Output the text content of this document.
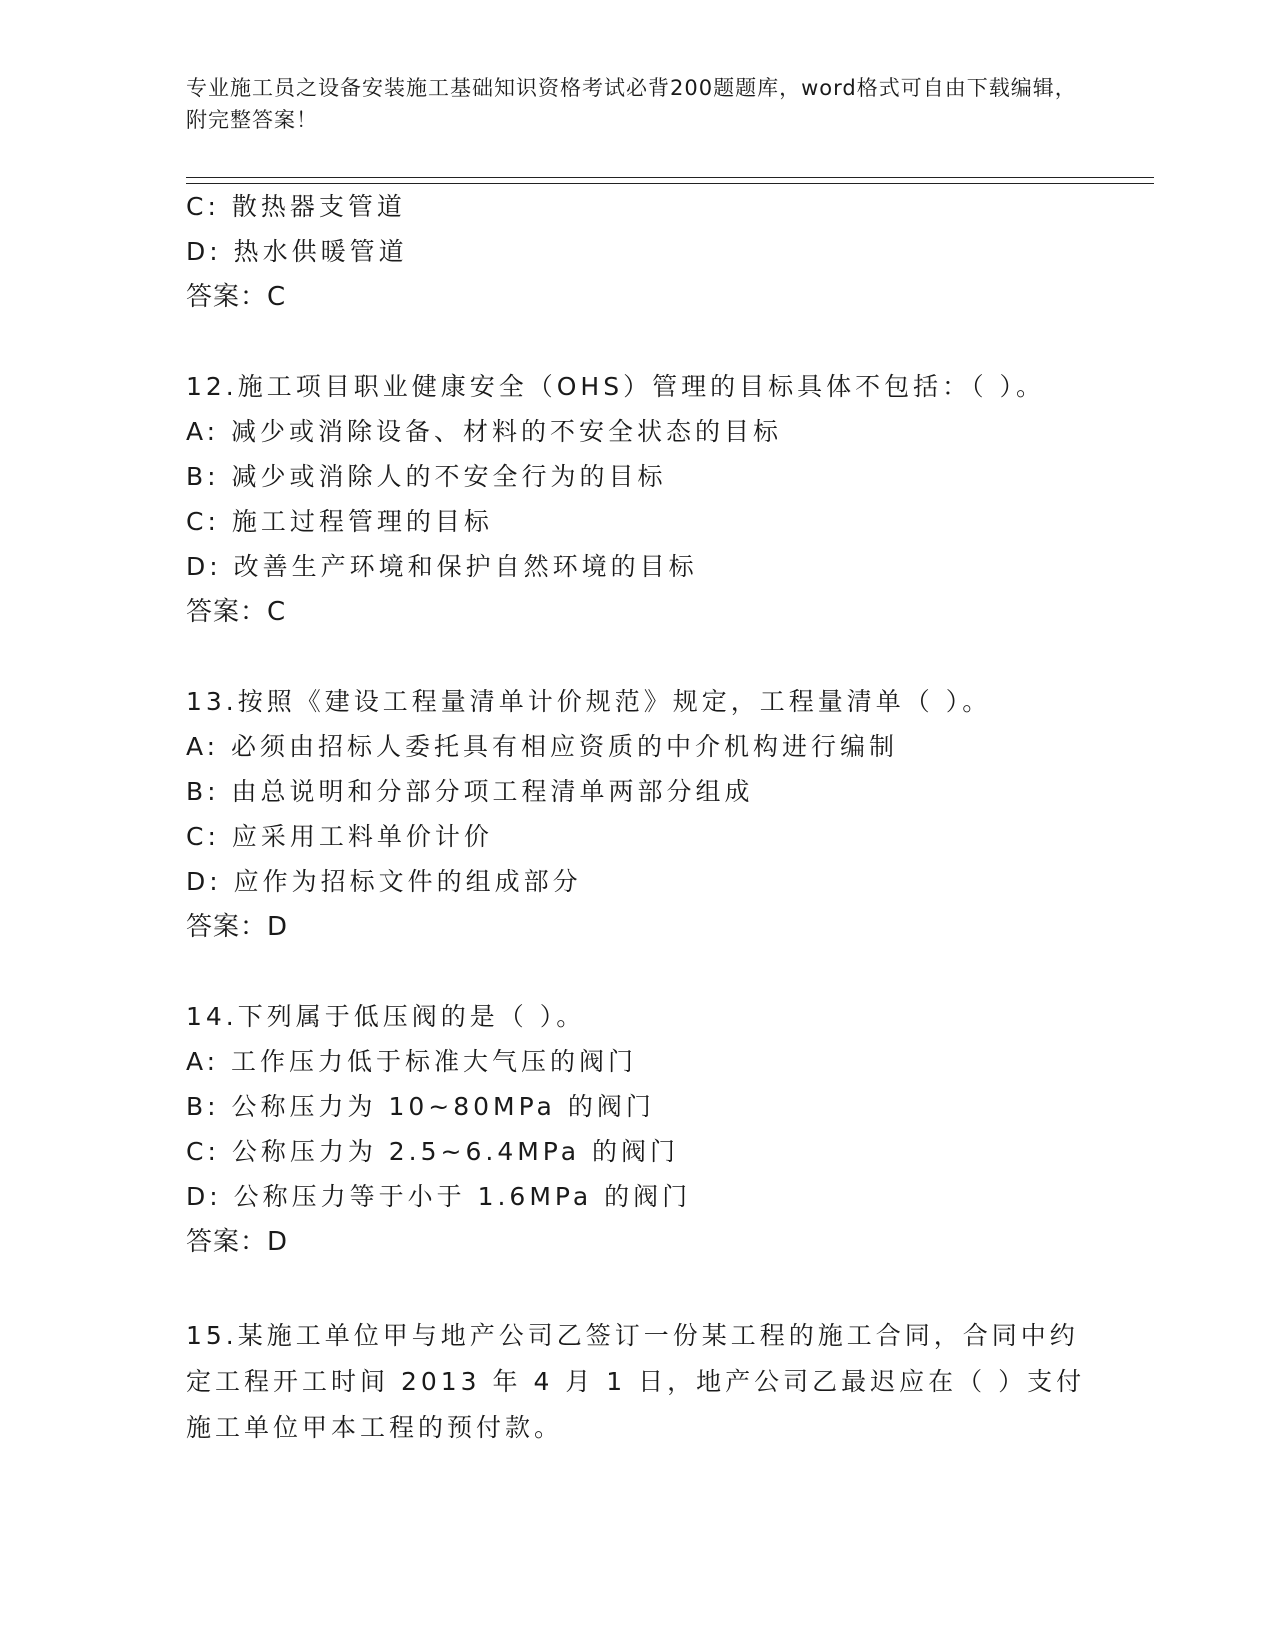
专业施工员之设备安装施工基础知识资格考试必背200题题库，word格式可自由下载编辑，附完整答案！
C: 散热器支管道
D: 热水供暖管道
答案：C
12.施工项目职业健康安全（OHS）管理的目标具体不包括：（ ）。
A: 减少或消除设备、材料的不安全状态的目标
B: 减少或消除人的不安全行为的目标
C: 施工过程管理的目标
D: 改善生产环境和保护自然环境的目标
答案：C
13.按照《建设工程量清单计价规范》规定，工程量清单（ ）。
A: 必须由招标人委托具有相应资质的中介机构进行编制
B: 由总说明和分部分项工程清单两部分组成
C: 应采用工料单价计价
D: 应作为招标文件的组成部分
答案：D
14.下列属于低压阀的是（ ）。
A: 工作压力低于标准大气压的阀门
B: 公称压力为 10~80MPa 的阀门
C: 公称压力为 2.5~6.4MPa 的阀门
D: 公称压力等于小于 1.6MPa 的阀门
答案：D
15.某施工单位甲与地产公司乙签订一份某工程的施工合同，合同中约定工程开工时间 2013 年 4 月 1 日，地产公司乙最迟应在（ ）支付施工单位甲本工程的预付款。
